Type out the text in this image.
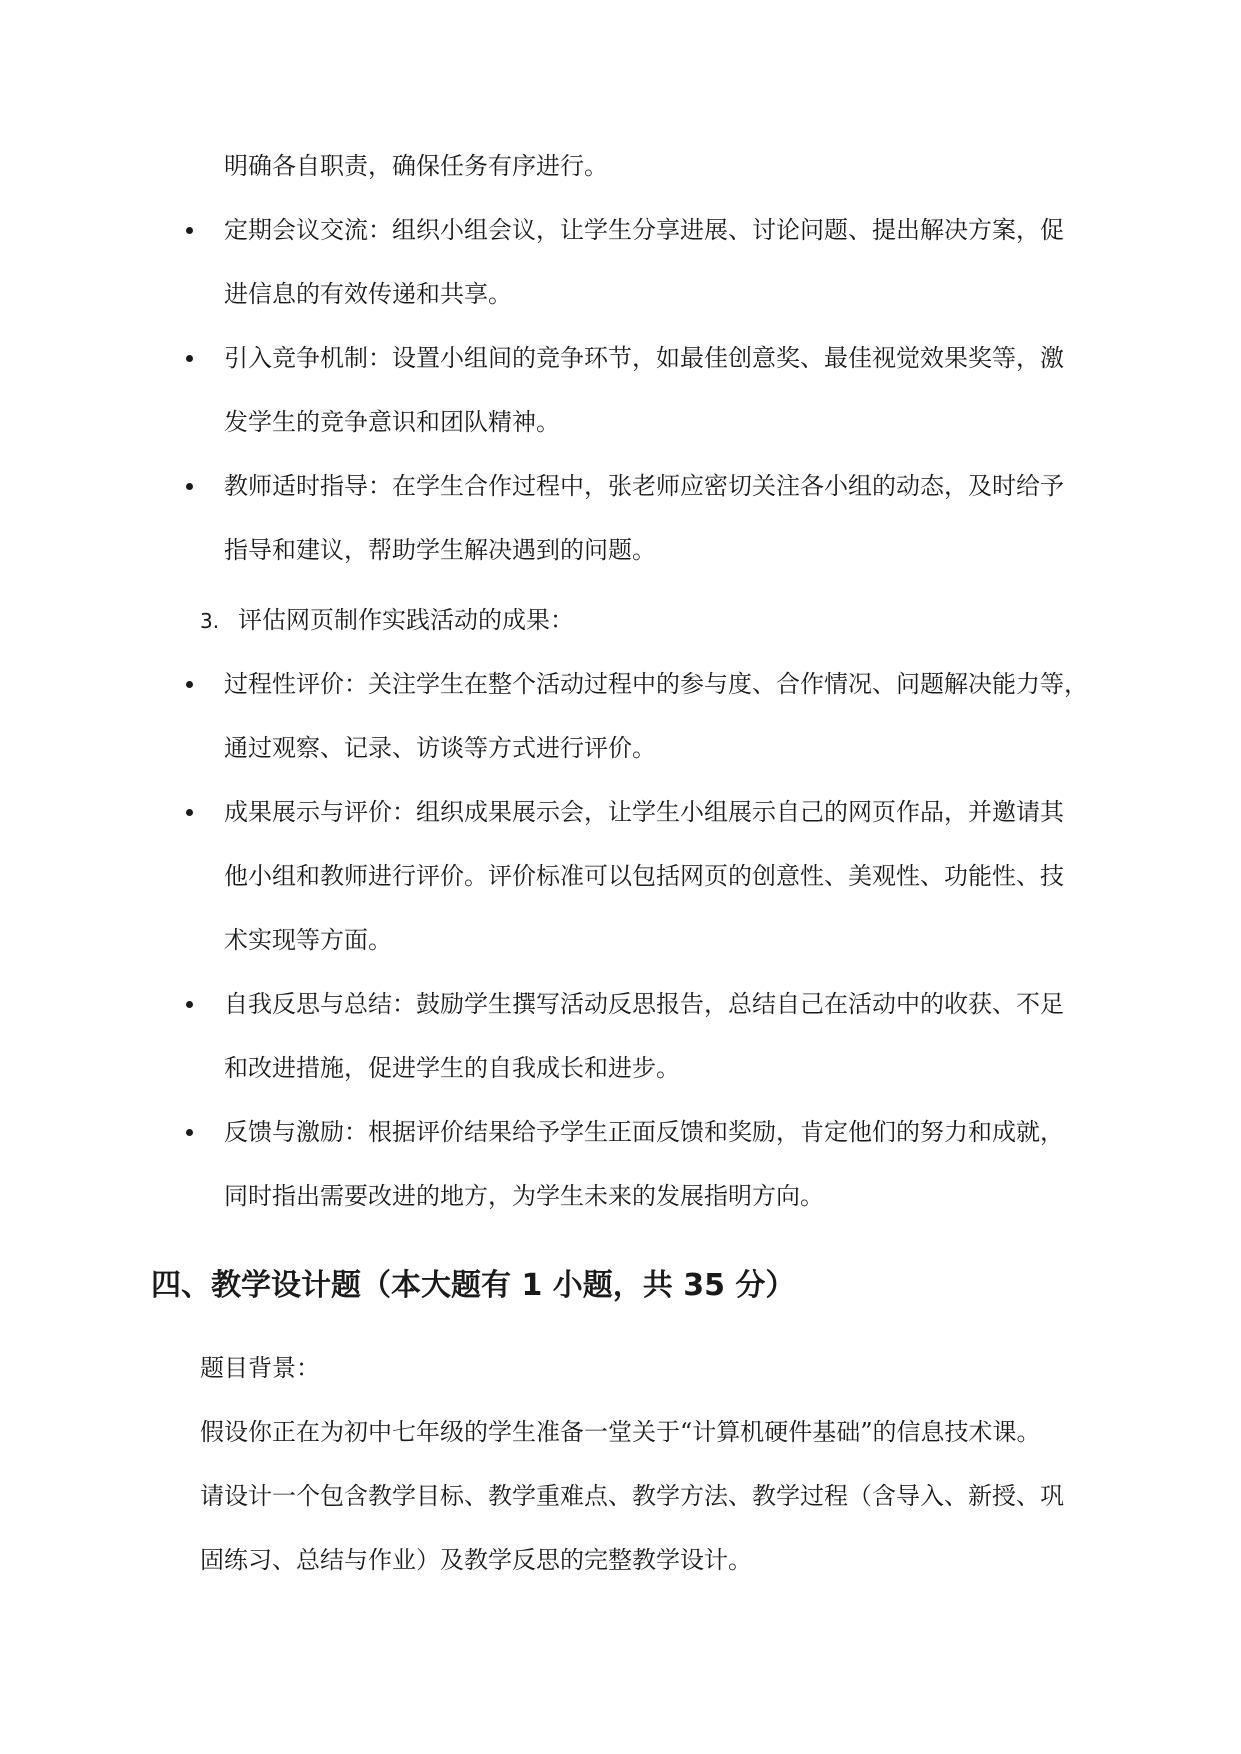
明确各自职责，确保任务有序进行。
定期会议交流：组织小组会议，让学生分享进展、讨论问题、提出解决方案，促
进信息的有效传递和共享。
引入竞争机制：设置小组间的竞争环节，如最佳创意奖、最佳视觉效果奖等，激
发学生的竞争意识和团队精神。
教师适时指导：在学生合作过程中，张老师应密切关注各小组的动态，及时给予
指导和建议，帮助学生解决遇到的问题。
3. 评估网页制作实践活动的成果：
过程性评价：关注学生在整个活动过程中的参与度、合作情况、问题解决能力等，
通过观察、记录、访谈等方式进行评价。
成果展示与评价：组织成果展示会，让学生小组展示自己的网页作品，并邀请其
他小组和教师进行评价。评价标准可以包括网页的创意性、美观性、功能性、技
术实现等方面。
自我反思与总结：鼓励学生撰写活动反思报告，总结自己在活动中的收获、不足
和改进措施，促进学生的自我成长和进步。
反馈与激励：根据评价结果给予学生正面反馈和奖励，肯定他们的努力和成就，
同时指出需要改进的地方，为学生未来的发展指明方向。
四、教学设计题（本大题有 1 小题，共 35 分）
题目背景：
假设你正在为初中七年级的学生准备一堂关于“计算机硬件基础”的信息技术课。
请设计一个包含教学目标、教学重难点、教学方法、教学过程（含导入、新授、巩
固练习、总结与作业）及教学反思的完整教学设计。
